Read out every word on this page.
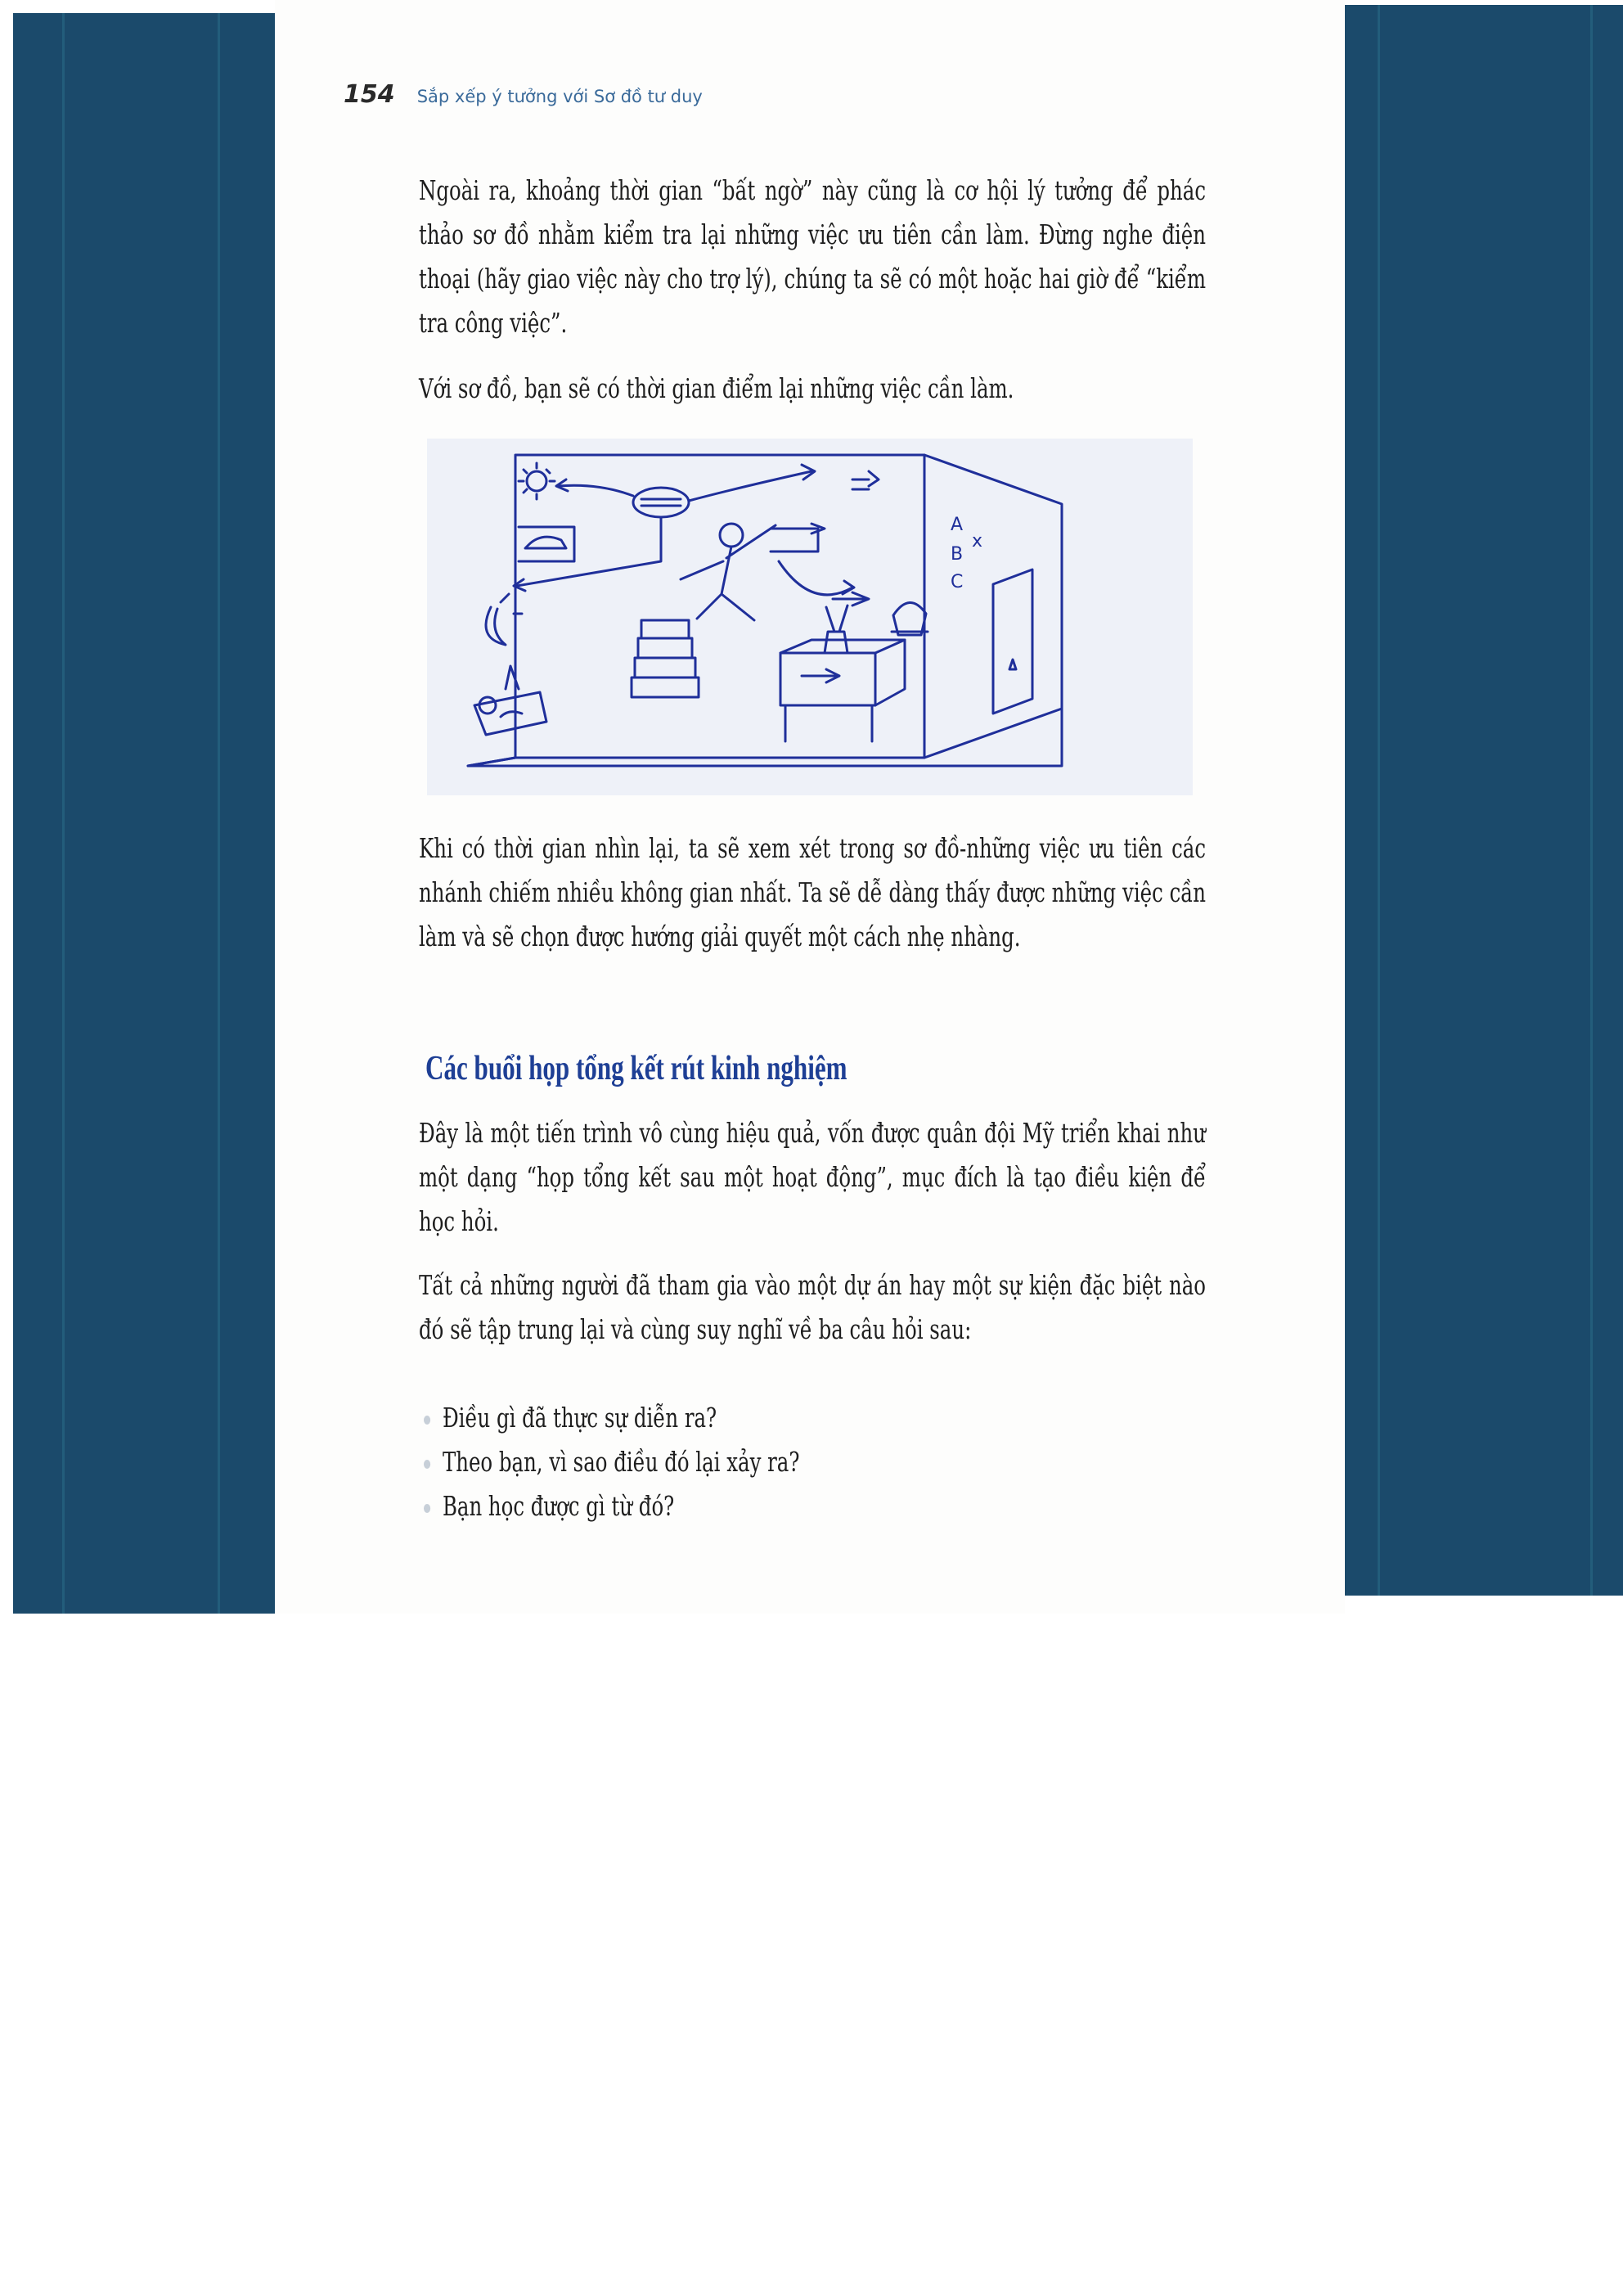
154 Sắp xếp ý tưởng với Sơ đồ tư duy

Ngoài ra, khoảng thời gian “bất ngờ” này cũng là cơ hội lý tưởng để phác thảo sơ đồ nhằm kiểm tra lại những việc ưu tiên cần làm. Đừng nghe điện thoại (hãy giao việc này cho trợ lý), chúng ta sẽ có một hoặc hai giờ để “kiểm tra công việc”.

Với sơ đồ, bạn sẽ có thời gian điểm lại những việc cần làm.

A
B
C
x

Khi có thời gian nhìn lại, ta sẽ xem xét trong sơ đồ-những việc ưu tiên các nhánh chiếm nhiều không gian nhất. Ta sẽ dễ dàng thấy được những việc cần làm và sẽ chọn được hướng giải quyết một cách nhẹ nhàng.

Các buổi họp tổng kết rút kinh nghiệm

Đây là một tiến trình vô cùng hiệu quả, vốn được quân đội Mỹ triển khai như một dạng “họp tổng kết sau một hoạt động”, mục đích là tạo điều kiện để học hỏi.

Tất cả những người đã tham gia vào một dự án hay một sự kiện đặc biệt nào đó sẽ tập trung lại và cùng suy nghĩ về ba câu hỏi sau:

Điều gì đã thực sự diễn ra?
Theo bạn, vì sao điều đó lại xảy ra?
Bạn học được gì từ đó?
